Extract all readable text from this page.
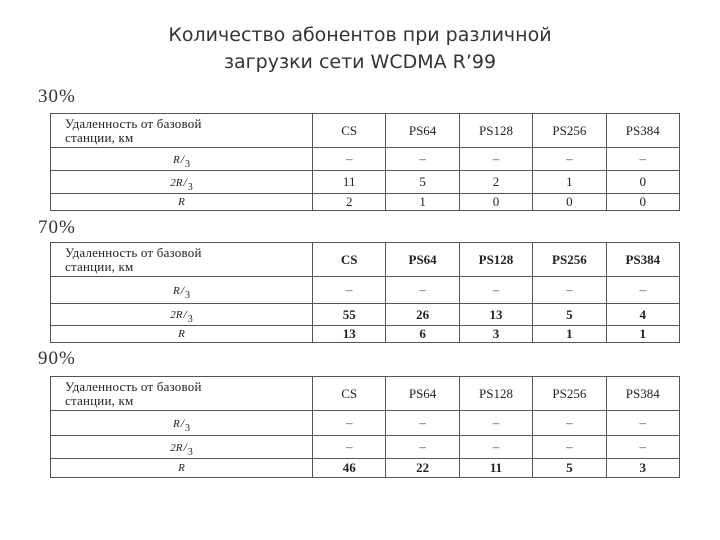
Количество абонентов при различной
загрузки сети WCDMA R’99
30%
70%
90%
Удаленность от базовой
станции, км	CS	PS64	PS128	PS256	PS384
R/3	–	–	–	–	–
2R/3	11	5	2	1	0
R	2	1	0	0	0
Удаленность от базовой
станции, км	CS	PS64	PS128	PS256	PS384
R/3	–	–	–	–	–
2R/3	55	26	13	5	4
R	13	6	3	1	1
Удаленность от базовой
станции, км	CS	PS64	PS128	PS256	PS384
R/3	–	–	–	–	–
2R/3	–	–	–	–	–
R	46	22	11	5	3
